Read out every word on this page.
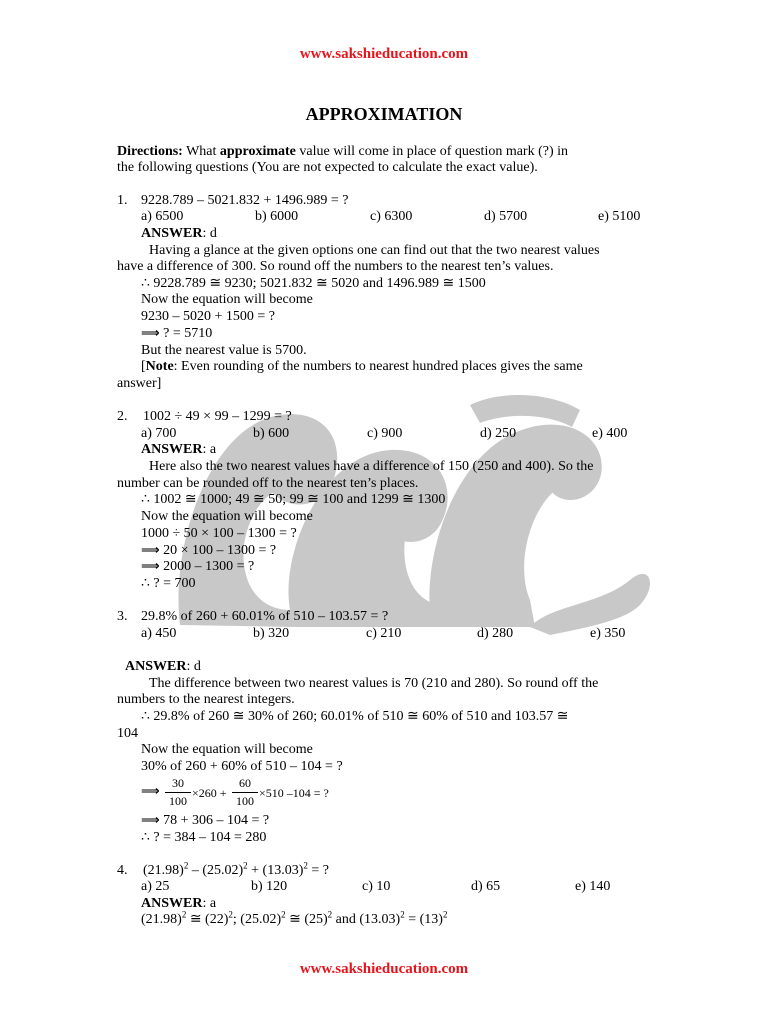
www.sakshieducation.com
APPROXIMATION
Directions: What approximate value will come in place of question mark (?) in
the following questions (You are not expected to calculate the exact value).
1. 9228.789 – 5021.832 + 1496.989 = ?
a) 6500	b) 6000	c) 6300	d) 5700	e) 5100
ANSWER: d
Having a glance at the given options one can find out that the two nearest values
have a difference of 300. So round off the numbers to the nearest ten’s values.
∴ 9228.789 ≅ 9230; 5021.832 ≅ 5020 and 1496.989 ≅ 1500
Now the equation will become
9230 – 5020 + 1500 = ?
⟹ ? = 5710
But the nearest value is 5700.
[Note: Even rounding of the numbers to nearest hundred places gives the same
answer]
2. 1002 ÷ 49 × 99 – 1299 = ?
a) 700	b) 600	c) 900	d) 250	e) 400
ANSWER: a
Here also the two nearest values have a difference of 150 (250 and 400). So the
number can be rounded off to the nearest ten’s places.
∴ 1002 ≅ 1000; 49 ≅ 50; 99 ≅ 100 and 1299 ≅ 1300
Now the equation will become
1000 ÷ 50 × 100 – 1300 = ?
⟹ 20 × 100 – 1300 = ?
⟹ 2000 – 1300 = ?
∴ ? = 700
3. 29.8% of 260 + 60.01% of 510 – 103.57 = ?
a) 450	b) 320	c) 210	d) 280	e) 350
ANSWER: d
The difference between two nearest values is 70 (210 and 280). So round off the
numbers to the nearest integers.
∴ 29.8% of 260 ≅ 30% of 260; 60.01% of 510 ≅ 60% of 510 and 103.57 ≅
104
Now the equation will become
30% of 260 + 60% of 510 – 104 = ?
⟹
30
100
×260 +
60
100
×510 –104 = ?
⟹ 78 + 306 – 104 = ?
∴ ? = 384 – 104 = 280
4. $(21.98)^2 - (25.02)^2 + (13.03)^2$ = ?
a) 25	b) 120	c) 10	d) 65	e) 140
ANSWER: a
$(21.98)^2$ ≅ $(22)^2$; $(25.02)^2$ ≅ $(25)^2$ and $(13.03)^2 = (13)^2$
www.sakshieducation.com
